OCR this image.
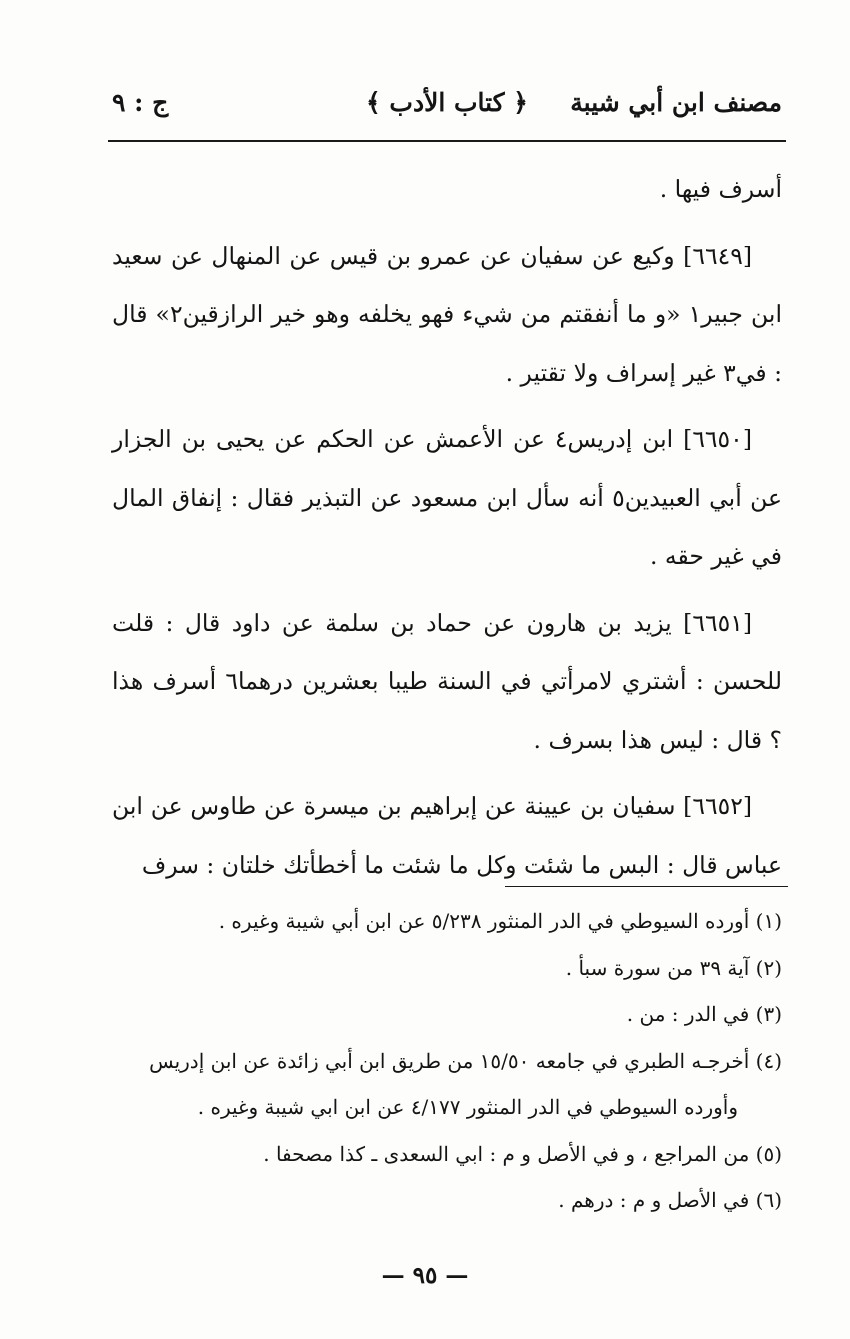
مصنف ابن أبي شيبة
﴿ كتاب الأدب ﴾
ج : ٩

أسرف فيها .

[٦٦٤٩] وكيع عن سفيان عن عمرو بن قيس عن المنهال عن سعيد ابن جبير١ «و ما أنفقتم من شيء فهو يخلفه وهو خير الرازقين٢» قال : في٣ غير إسراف ولا تقتير .

[٦٦٥٠] ابن إدريس٤ عن الأعمش عن الحكم عن يحيى بن الجزار عن أبي العبيدين٥ أنه سأل ابن مسعود عن التبذير فقال : إنفاق المال في غير حقه .

[٦٦٥١] يزيد بن هارون عن حماد بن سلمة عن داود قال : قلت للحسن : أشتري لامرأتي في السنة طيبا بعشرين درهما٦ أسرف هذا ؟ قال : ليس هذا بسرف .

[٦٦٥٢] سفيان بن عيينة عن إبراهيم بن ميسرة عن طاوس عن ابن عباس قال : البس ما شئت وكل ما شئت ما أخطأتك خلتان : سرف

(١) أورده السيوطي في الدر المنثور ٥/٢٣٨ عن ابن أبي شيبة وغيره .

(٢) آية ٣٩ من سورة سبأ .

(٣) في الدر : من .

(٤) أخرجـه الطبري في جامعه ١٥/٥٠ من طريق ابن أبي زائدة عن ابن إدريس

وأورده السيوطي في الدر المنثور ٤/١٧٧ عن ابن ابي شيبة وغيره .

(٥) من المراجع ، و في الأصل و م : ابي السعدى ـ كذا مصحفا .

(٦) في الأصل و م : درهم .

— ٩٥ —
